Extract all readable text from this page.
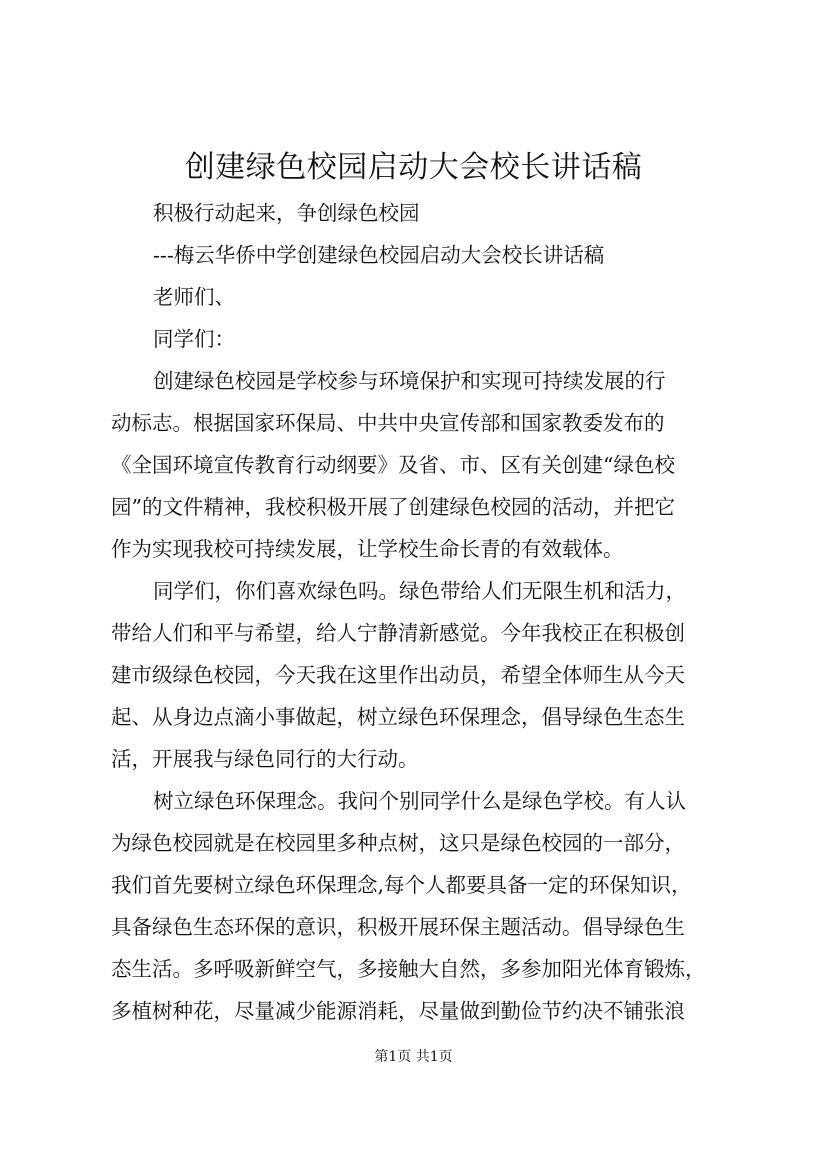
创建绿色校园启动大会校长讲话稿

积极行动起来，争创绿色校园

---梅云华侨中学创建绿色校园启动大会校长讲话稿

老师们、

同学们：

创建绿色校园是学校参与环境保护和实现可持续发展的行

动标志。根据国家环保局、中共中央宣传部和国家教委发布的

《全国环境宣传教育行动纲要》及省、市、区有关创建“绿色校

园”的文件精神，我校积极开展了创建绿色校园的活动，并把它

作为实现我校可持续发展，让学校生命长青的有效载体。

同学们，你们喜欢绿色吗。绿色带给人们无限生机和活力，

带给人们和平与希望，给人宁静清新感觉。今年我校正在积极创

建市级绿色校园，今天我在这里作出动员，希望全体师生从今天

起、从身边点滴小事做起，树立绿色环保理念，倡导绿色生态生

活，开展我与绿色同行的大行动。

树立绿色环保理念。我问个别同学什么是绿色学校。有人认

为绿色校园就是在校园里多种点树，这只是绿色校园的一部分，

我们首先要树立绿色环保理念,每个人都要具备一定的环保知识，

具备绿色生态环保的意识，积极开展环保主题活动。倡导绿色生

态生活。多呼吸新鲜空气，多接触大自然，多参加阳光体育锻炼，

多植树种花，尽量减少能源消耗，尽量做到勤俭节约决不铺张浪

第1页 共1页
